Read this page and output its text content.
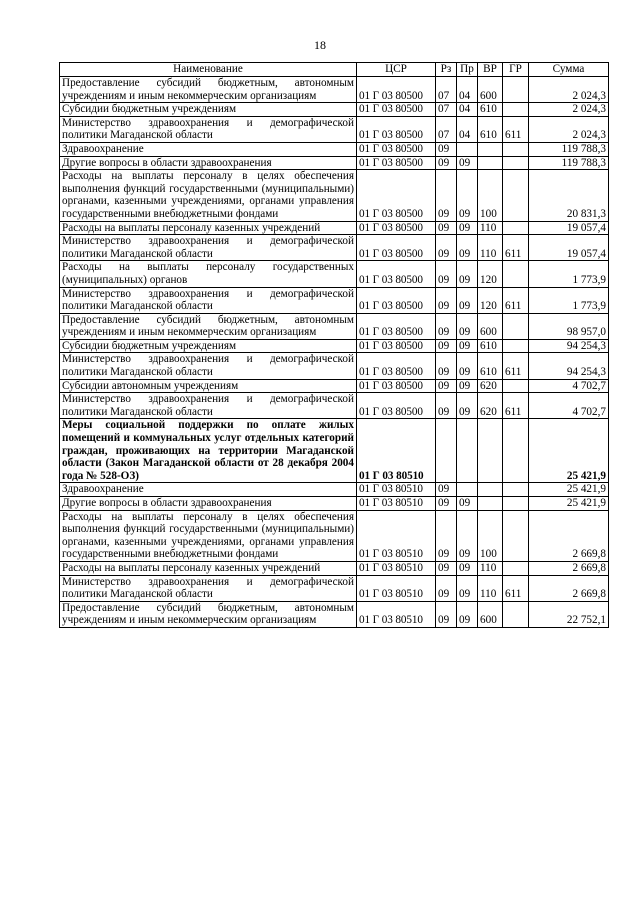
18
Наименование	ЦСР	Рз	Пр	ВР	ГР	Сумма
Предоставление субсидий бюджетным, автономным учреждениям и иным некоммерческим организациям	01 Г 03 80500	07	04	600		2 024,3
Субсидии бюджетным учреждениям	01 Г 03 80500	07	04	610		2 024,3
Министерство здравоохранения и демографической политики Магаданской области	01 Г 03 80500	07	04	610	611	2 024,3
Здравоохранение	01 Г 03 80500	09				119 788,3
Другие вопросы в области здравоохранения	01 Г 03 80500	09	09			119 788,3
Расходы на выплаты персоналу в целях обеспечения выполнения функций государственными (муниципальными) органами, казенными учреждениями, органами управления государственными внебюджетными фондами	01 Г 03 80500	09	09	100		20 831,3
Расходы на выплаты персоналу казенных учреждений	01 Г 03 80500	09	09	110		19 057,4
Министерство здравоохранения и демографической политики Магаданской области	01 Г 03 80500	09	09	110	611	19 057,4
Расходы на выплаты персоналу государственных (муниципальных) органов	01 Г 03 80500	09	09	120		1 773,9
Министерство здравоохранения и демографической политики Магаданской области	01 Г 03 80500	09	09	120	611	1 773,9
Предоставление субсидий бюджетным, автономным учреждениям и иным некоммерческим организациям	01 Г 03 80500	09	09	600		98 957,0
Субсидии бюджетным учреждениям	01 Г 03 80500	09	09	610		94 254,3
Министерство здравоохранения и демографической политики Магаданской области	01 Г 03 80500	09	09	610	611	94 254,3
Субсидии автономным учреждениям	01 Г 03 80500	09	09	620		4 702,7
Министерство здравоохранения и демографической политики Магаданской области	01 Г 03 80500	09	09	620	611	4 702,7
Меры социальной поддержки по оплате жилых помещений и коммунальных услуг отдельных категорий граждан, проживающих на территории Магаданской области (Закон Магаданской области от 28 декабря 2004 года № 528-ОЗ)	01 Г 03 80510					25 421,9
Здравоохранение	01 Г 03 80510	09				25 421,9
Другие вопросы в области здравоохранения	01 Г 03 80510	09	09			25 421,9
Расходы на выплаты персоналу в целях обеспечения выполнения функций государственными (муниципальными) органами, казенными учреждениями, органами управления государственными внебюджетными фондами	01 Г 03 80510	09	09	100		2 669,8
Расходы на выплаты персоналу казенных учреждений	01 Г 03 80510	09	09	110		2 669,8
Министерство здравоохранения и демографической политики Магаданской области	01 Г 03 80510	09	09	110	611	2 669,8
Предоставление субсидий бюджетным, автономным учреждениям и иным некоммерческим организациям	01 Г 03 80510	09	09	600		22 752,1
